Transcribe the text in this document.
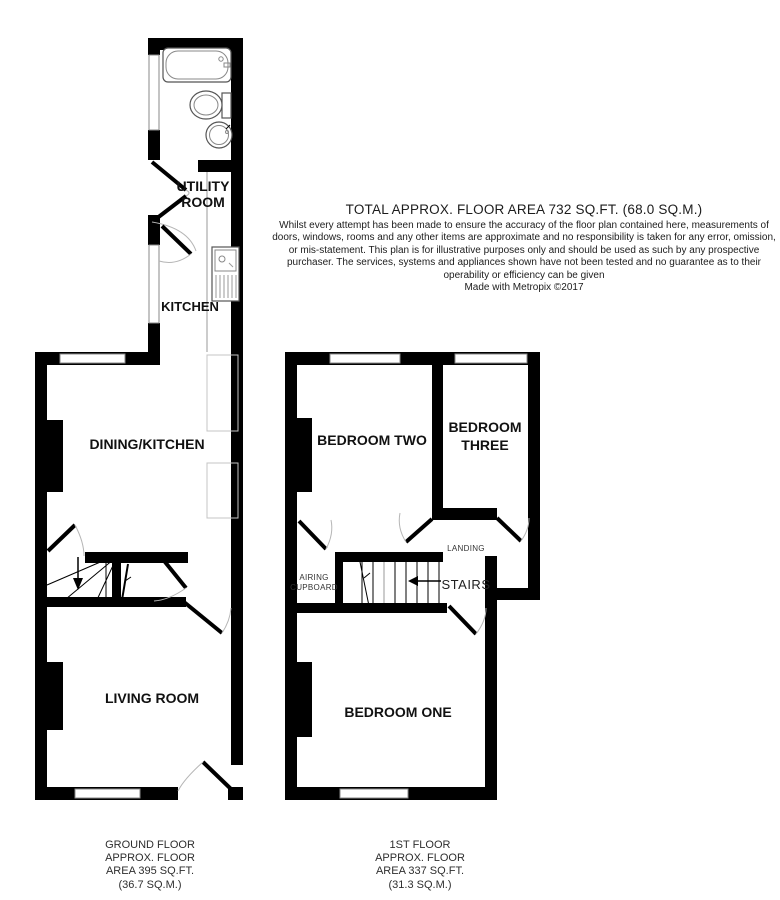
TOTAL APPROX. FLOOR AREA 732 SQ.FT. (68.0 SQ.M.)
Whilst every attempt has been made to ensure the accuracy of the floor plan contained here, measurements of doors, windows, rooms and any other items are approximate and no responsibility is taken for any error, omission, or mis-statement. This plan is for illustrative purposes only and should be used as such by any prospective purchaser. The services, systems and appliances shown have not been tested and no guarantee as to their operability or efficiency can be given
Made with Metropix ©2017
UTILITY
ROOM
KITCHEN
DINING/KITCHEN
LIVING ROOM
BEDROOM TWO
BEDROOM
THREE
BEDROOM ONE
LANDING
AIRING
CUPBOARD	STAIRS
GROUND FLOOR
APPROX. FLOOR
AREA 395 SQ.FT.
(36.7 SQ.M.)
1ST FLOOR
APPROX. FLOOR
AREA 337 SQ.FT.
(31.3 SQ.M.)
